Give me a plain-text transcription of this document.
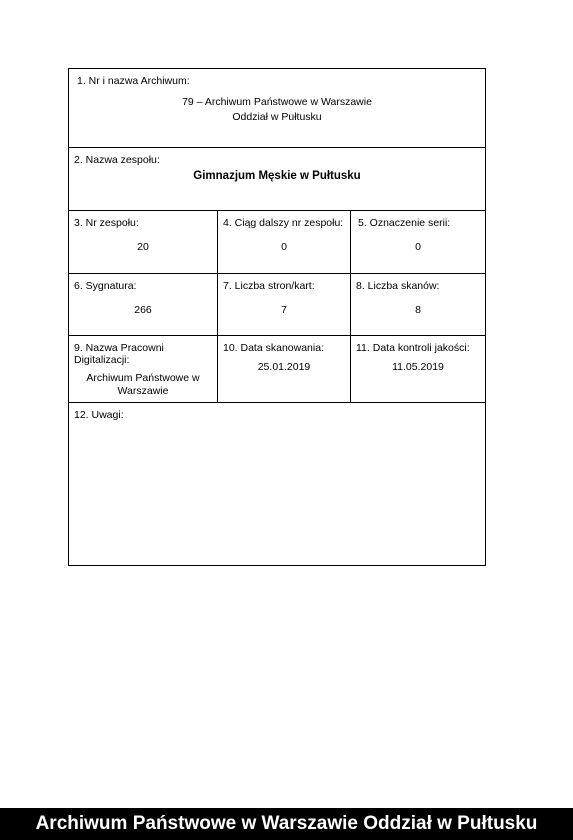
1. Nr i nazwa Archiwum:
79 – Archiwum Państwowe w Warszawie
Oddział w Pułtusku
2. Nazwa zespołu:
Gimnazjum Męskie w Pułtusku
3. Nr zespołu:
20
4. Ciąg dalszy nr zespołu:
0
5. Oznaczenie serii:
0
6. Sygnatura:
266
7. Liczba stron/kart:
7
8. Liczba skanów:
8
9. Nazwa Pracowni
Digitalizacji:
Archiwum Państwowe w
Warszawie
10. Data skanowania:
25.01.2019
11. Data kontroli jakości:
11.05.2019
12. Uwagi:
Archiwum Państwowe w Warszawie Oddział w Pułtusku
